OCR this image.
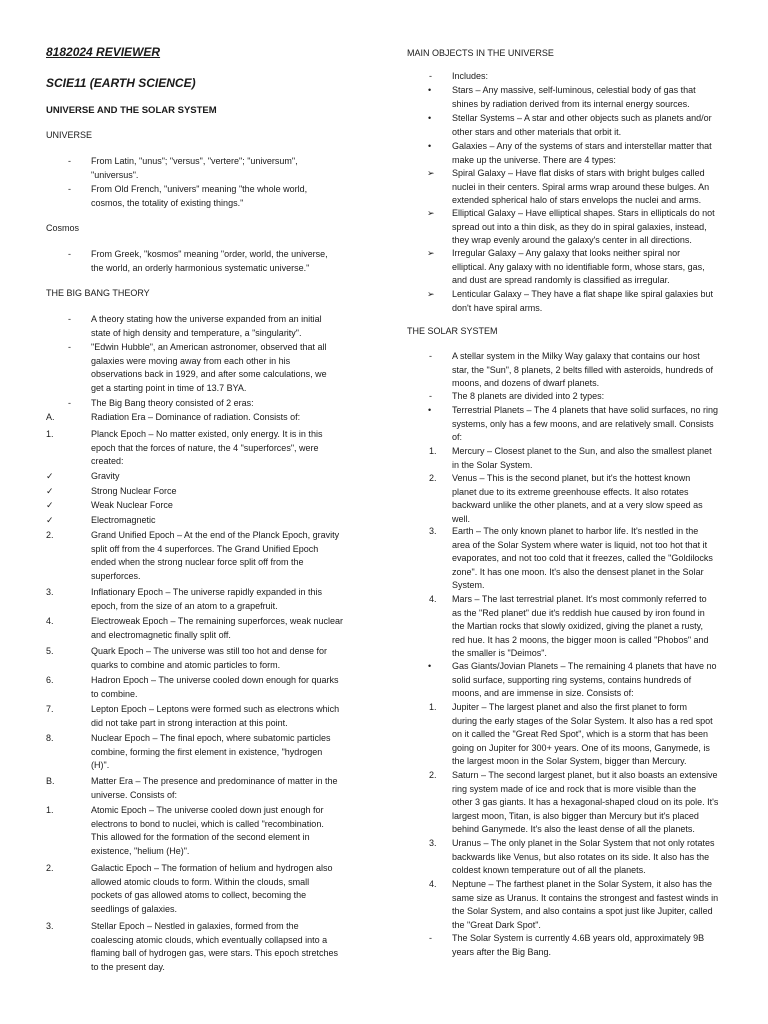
8182024 REVIEWER
SCIE11 (EARTH SCIENCE)
UNIVERSE AND THE SOLAR SYSTEM
UNIVERSE
- From Latin, "unus"; "versus", "vertere"; "universum",
"universus".
- From Old French, "univers" meaning "the whole world,
cosmos, the totality of existing things."
Cosmos
- From Greek, "kosmos" meaning "order, world, the universe,
the world, an orderly harmonious systematic universe."
THE BIG BANG THEORY
- A theory stating how the universe expanded from an initial
state of high density and temperature, a "singularity".
- "Edwin Hubble", an American astronomer, observed that all
galaxies were moving away from each other in his
observations back in 1929, and after some calculations, we
get a starting point in time of 13.7 BYA.
- The Big Bang theory consisted of 2 eras:
A.	Radiation Era – Dominance of radiation. Consists of:
1.	Planck Epoch – No matter existed, only energy. It is in this
epoch that the forces of nature, the 4 "superforces", were
created:
✓	Gravity
✓	Strong Nuclear Force
✓	Weak Nuclear Force
✓	Electromagnetic
2.	Grand Unified Epoch – At the end of the Planck Epoch, gravity
split off from the 4 superforces. The Grand Unified Epoch
ended when the strong nuclear force split off from the
superforces.
3.	Inflationary Epoch – The universe rapidly expanded in this
epoch, from the size of an atom to a grapefruit.
4.	Electroweak Epoch – The remaining superforces, weak nuclear
and electromagnetic finally split off.
5.	Quark Epoch – The universe was still too hot and dense for
quarks to combine and atomic particles to form.
6.	Hadron Epoch – The universe cooled down enough for quarks
to combine.
7.	Lepton Epoch – Leptons were formed such as electrons which
did not take part in strong interaction at this point.
8.	Nuclear Epoch – The final epoch, where subatomic particles
combine, forming the first element in existence, "hydrogen
(H)".
B.	Matter Era – The presence and predominance of matter in the
universe. Consists of:
1.	Atomic Epoch – The universe cooled down just enough for
electrons to bond to nuclei, which is called "recombination.
This allowed for the formation of the second element in
existence, "helium (He)".
2.	Galactic Epoch – The formation of helium and hydrogen also
allowed atomic clouds to form. Within the clouds, small
pockets of gas allowed atoms to collect, becoming the
seedlings of galaxies.
3.	Stellar Epoch – Nestled in galaxies, formed from the
coalescing atomic clouds, which eventually collapsed into a
flaming ball of hydrogen gas, were stars. This epoch stretches
to the present day.
MAIN OBJECTS IN THE UNIVERSE
- Includes:
• Stars – Any massive, self-luminous, celestial body of gas that
shines by radiation derived from its internal energy sources.
• Stellar Systems – A star and other objects such as planets and/or
other stars and other materials that orbit it.
• Galaxies – Any of the systems of stars and interstellar matter that
make up the universe. There are 4 types:
➢ Spiral Galaxy – Have flat disks of stars with bright bulges called
nuclei in their centers. Spiral arms wrap around these bulges. An
extended spherical halo of stars envelops the nuclei and arms.
➢ Elliptical Galaxy – Have elliptical shapes. Stars in ellipticals do not
spread out into a thin disk, as they do in spiral galaxies, instead,
they wrap evenly around the galaxy's center in all directions.
➢ Irregular Galaxy – Any galaxy that looks neither spiral nor
elliptical. Any galaxy with no identifiable form, whose stars, gas,
and dust are spread randomly is classified as irregular.
➢ Lenticular Galaxy – They have a flat shape like spiral galaxies but
don't have spiral arms.
THE SOLAR SYSTEM
- A stellar system in the Milky Way galaxy that contains our host
star, the "Sun", 8 planets, 2 belts filled with asteroids, hundreds of
moons, and dozens of dwarf planets.
- The 8 planets are divided into 2 types:
• Terrestrial Planets – The 4 planets that have solid surfaces, no ring
systems, only has a few moons, and are relatively small. Consists
of:
1. Mercury – Closest planet to the Sun, and also the smallest planet
in the Solar System.
2. Venus – This is the second planet, but it's the hottest known
planet due to its extreme greenhouse effects. It also rotates
backward unlike the other planets, and at a very slow speed as
well.
3. Earth – The only known planet to harbor life. It's nestled in the
area of the Solar System where water is liquid, not too hot that it
evaporates, and not too cold that it freezes, called the "Goldilocks
zone". It has one moon. It's also the densest planet in the Solar
System.
4. Mars – The last terrestrial planet. It's most commonly referred to
as the "Red planet" due it's reddish hue caused by iron found in
the Martian rocks that slowly oxidized, giving the planet a rusty,
red hue. It has 2 moons, the bigger moon is called "Phobos" and
the smaller is "Deimos".
• Gas Giants/Jovian Planets – The remaining 4 planets that have no
solid surface, supporting ring systems, contains hundreds of
moons, and are immense in size. Consists of:
1. Jupiter – The largest planet and also the first planet to form
during the early stages of the Solar System. It also has a red spot
on it called the "Great Red Spot", which is a storm that has been
going on Jupiter for 300+ years. One of its moons, Ganymede, is
the largest moon in the Solar System, bigger than Mercury.
2. Saturn – The second largest planet, but it also boasts an extensive
ring system made of ice and rock that is more visible than the
other 3 gas giants. It has a hexagonal-shaped cloud on its pole. It's
largest moon, Titan, is also bigger than Mercury but it's placed
behind Ganymede. It's also the least dense of all the planets.
3. Uranus – The only planet in the Solar System that not only rotates
backwards like Venus, but also rotates on its side. It also has the
coldest known temperature out of all the planets.
4. Neptune – The farthest planet in the Solar System, it also has the
same size as Uranus. It contains the strongest and fastest winds in
the Solar System, and also contains a spot just like Jupiter, called
the "Great Dark Spot".
- The Solar System is currently 4.6B years old, approximately 9B
years after the Big Bang.
